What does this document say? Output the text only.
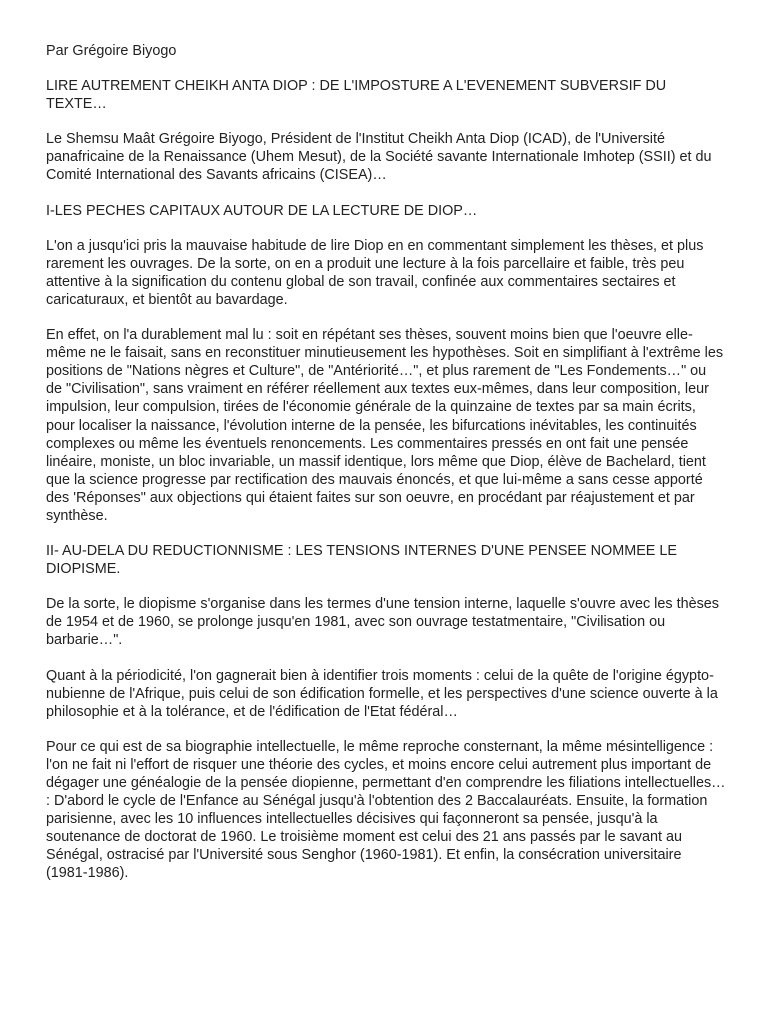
Par Grégoire Biyogo

LIRE AUTREMENT CHEIKH ANTA DIOP : DE L'IMPOSTURE A L'EVENEMENT SUBVERSIF DU TEXTE…

Le Shemsu Maât Grégoire Biyogo, Président de l'Institut Cheikh Anta Diop (ICAD), de l'Université panafricaine de la Renaissance (Uhem Mesut), de la Société savante Internationale Imhotep (SSII) et du Comité International des Savants africains (CISEA)…

I-LES PECHES CAPITAUX AUTOUR DE LA LECTURE DE DIOP…

L'on a jusqu'ici pris la mauvaise habitude de lire Diop en en commentant simplement les thèses, et plus rarement les ouvrages. De la sorte, on en a produit une lecture à la fois parcellaire et faible, très peu attentive à la signification du contenu global de son travail, confinée aux commentaires sectaires et caricaturaux, et bientôt au bavardage.

En effet, on l'a durablement mal lu : soit en répétant ses thèses, souvent moins bien que l'oeuvre elle-même ne le faisait, sans en reconstituer minutieusement les hypothèses. Soit en simplifiant à l'extrême les positions de "Nations nègres et Culture", de "Antériorité…", et plus rarement de "Les Fondements…" ou de "Civilisation", sans vraiment en référer réellement aux textes eux-mêmes, dans leur composition, leur impulsion, leur compulsion, tirées de l'économie générale de la quinzaine de textes par sa main écrits, pour localiser la naissance, l'évolution interne de la pensée, les bifurcations inévitables, les continuités complexes ou même les éventuels renoncements. Les commentaires pressés en ont fait une pensée linéaire, moniste, un bloc invariable, un massif identique, lors même que Diop, élève de Bachelard, tient que la science progresse par rectification des mauvais énoncés, et que lui-même a sans cesse apporté des 'Réponses" aux objections qui étaient faites sur son oeuvre, en procédant par réajustement et par synthèse.

II- AU-DELA DU REDUCTIONNISME : LES TENSIONS INTERNES D'UNE PENSEE NOMMEE LE DIOPISME.

De la sorte, le diopisme s'organise dans les termes d'une tension interne, laquelle s'ouvre avec les thèses de 1954 et de 1960, se prolonge jusqu'en 1981, avec son ouvrage testatmentaire, "Civilisation ou barbarie…".

Quant à la périodicité, l'on gagnerait bien à identifier trois moments : celui de la quête de l'origine égypto-nubienne de l'Afrique, puis celui de son édification formelle, et les perspectives d'une science ouverte à la philosophie et à la tolérance, et de l'édification de l'Etat fédéral…

Pour ce qui est de sa biographie intellectuelle, le même reproche consternant, la même mésintelligence : l'on ne fait ni l'effort de risquer une théorie des cycles, et moins encore celui autrement plus important de dégager une généalogie de la pensée diopienne, permettant d'en comprendre les filiations intellectuelles… : D'abord le cycle de l'Enfance au Sénégal jusqu'à l'obtention des 2 Baccalauréats. Ensuite, la formation parisienne, avec les 10 influences intellectuelles décisives qui façonneront sa pensée, jusqu'à la soutenance de doctorat de 1960. Le troisième moment est celui des 21 ans passés par le savant au Sénégal, ostracisé par l'Université sous Senghor (1960-1981). Et enfin, la consécration universitaire (1981-1986).
